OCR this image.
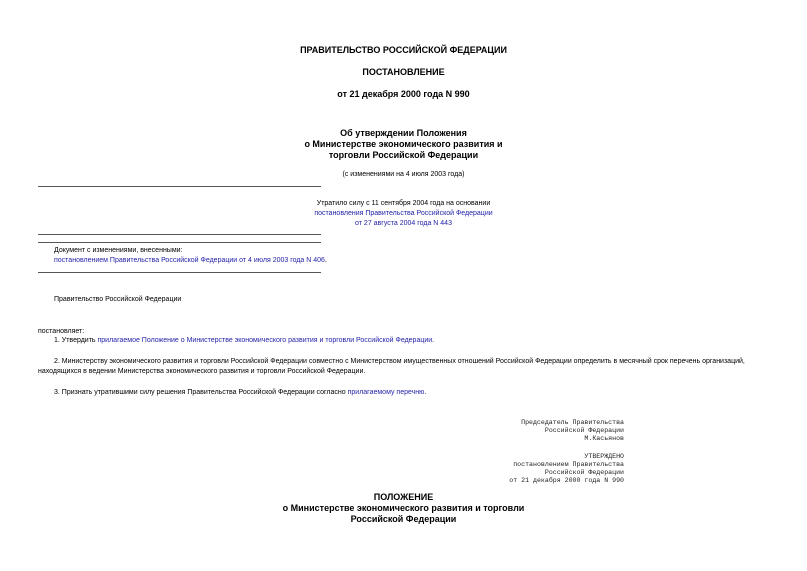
ПРАВИТЕЛЬСТВО РОССИЙСКОЙ ФЕДЕРАЦИИ
ПОСТАНОВЛЕНИЕ
от 21 декабря 2000 года N 990
Об утверждении Положения
о Министерстве экономического развития и
торговли Российской Федерации
(с изменениями на 4 июля 2003 года)
Утратило силу с 11 сентября 2004 года на основании
постановления Правительства Российской Федерации
от 27 августа 2004 года N 443
Документ с изменениями, внесенными:
постановлением Правительства Российской Федерации от 4 июля 2003 года N 406.
Правительство Российской Федерации
постановляет:
1. Утвердить прилагаемое Положение о Министерстве экономического развития и торговли Российской Федерации.
2. Министерству экономического развития и торговли Российской Федерации совместно с Министерством имущественных отношений Российской Федерации определить в месячный срок перечень организаций, находящихся в ведении Министерства экономического развития и торговли Российской Федерации.
3. Признать утратившими силу решения Правительства Российской Федерации согласно прилагаемому перечню.
Председатель Правительства
Российской Федерации
М.Касьянов
УТВЕРЖДЕНО
постановлением Правительства
Российской Федерации
от 21 декабря 2000 года N 990
ПОЛОЖЕНИЕ
о Министерстве экономического развития и торговли
Российской Федерации
